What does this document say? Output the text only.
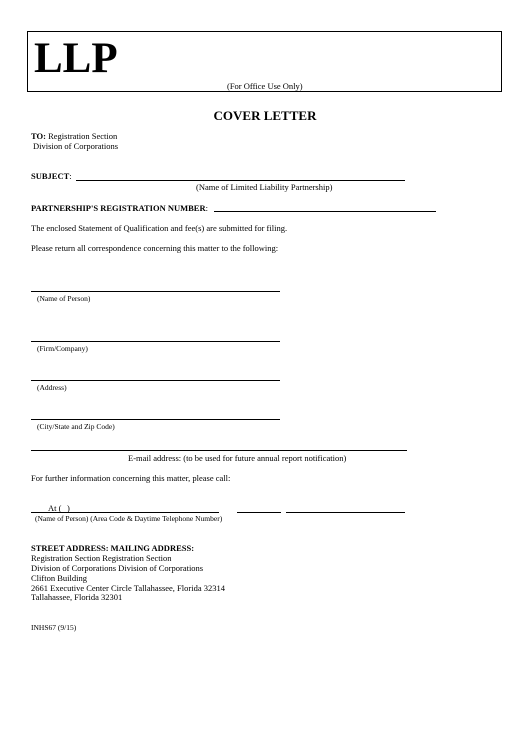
LLP
(For Office Use Only)
COVER LETTER
TO: Registration Section
Division of Corporations
SUBJECT:
(Name of Limited Liability Partnership)
PARTNERSHIP'S REGISTRATION NUMBER:
The enclosed Statement of Qualification and fee(s) are submitted for filing.
Please return all correspondence concerning this matter to the following:
(Name of Person)
(Firm/Company)
(Address)
(City/State and Zip Code)
E-mail address: (to be used for future annual report notification)
For further information concerning this matter, please call:
At ( )
(Name of Person) (Area Code & Daytime Telephone Number)
STREET ADDRESS: MAILING ADDRESS:
Registration Section Registration Section
Division of Corporations Division of Corporations
Clifton Building
2661 Executive Center Circle Tallahassee, Florida 32314
Tallahassee, Florida 32301
INHS67 (9/15)
